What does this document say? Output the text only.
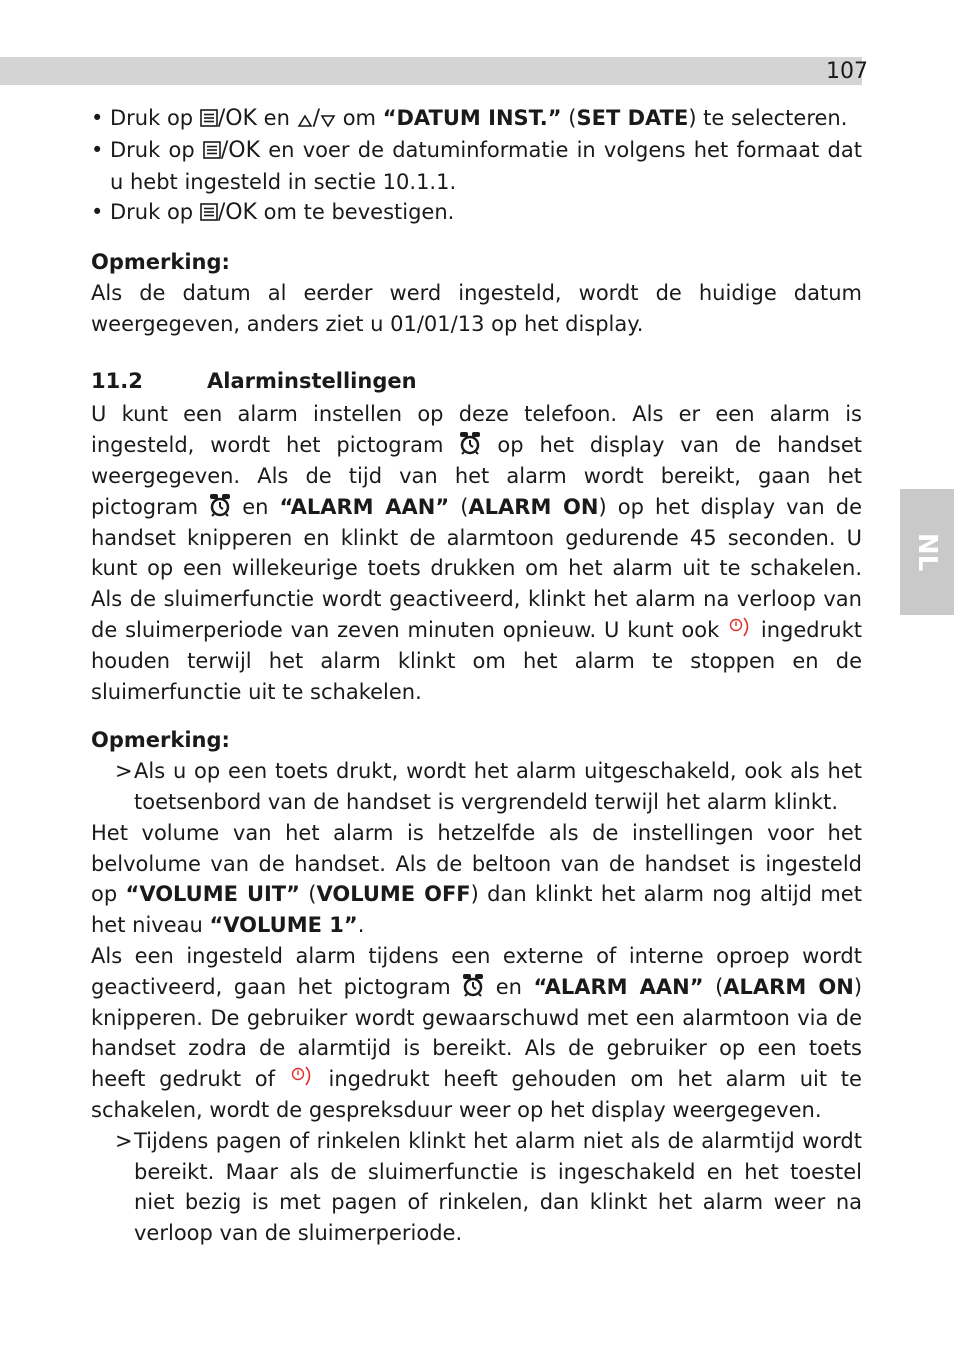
107
NL

• Druk op /OK en / om “DATUM INST.” (SET DATE) te selecteren.

• Druk op /OK en voer de datuminformatie in volgens het formaat dat u hebt ingesteld in sectie 10.1.1.

• Druk op /OK om te bevestigen.

Opmerking:

Als de datum al eerder werd ingesteld, wordt de huidige datum weergegeven, anders ziet u 01/01/13 op het display.

11.2	Alarminstellingen

U kunt een alarm instellen op deze telefoon. Als er een alarm is ingesteld, wordt het pictogram	op het display van de handset weergegeven. Als de tijd van het alarm wordt bereikt, gaan het pictogram en “ALARM AAN” (ALARM ON) op het display van de handset knipperen en klinkt de alarmtoon gedurende 45 seconden. U kunt op een willekeurige toets drukken om het alarm uit te schakelen. Als de sluimerfunctie wordt geactiveerd, klinkt het alarm na verloop van de sluimerperiode van zeven minuten opnieuw. U kunt ook ingedrukt houden terwijl het alarm klinkt om het alarm te stoppen en de sluimerfunctie uit te schakelen.

Opmerking:

> Als u op een toets drukt, wordt het alarm uitgeschakeld, ook als het toetsenbord van de handset is vergrendeld terwijl het alarm klinkt.

Het volume van het alarm is hetzelfde als de instellingen voor het belvolume van de handset. Als de beltoon van de handset is ingesteld op “VOLUME UIT” (VOLUME OFF) dan klinkt het alarm nog altijd met het niveau “VOLUME 1”.

Als een ingesteld alarm tijdens een externe of interne oproep wordt geactiveerd, gaan het pictogram en “ALARM AAN” (ALARM ON) knipperen. De gebruiker wordt gewaarschuwd met een alarmtoon via de handset zodra de alarmtijd is bereikt. Als de gebruiker op een toets heeft gedrukt of	ingedrukt heeft gehouden om het alarm uit te schakelen, wordt de gespreksduur weer op het display weergegeven.

> Tijdens pagen of rinkelen klinkt het alarm niet als de alarmtijd wordt bereikt. Maar als de sluimerfunctie is ingeschakeld en het toestel niet bezig is met pagen of rinkelen, dan klinkt het alarm weer na verloop van de sluimerperiode.
